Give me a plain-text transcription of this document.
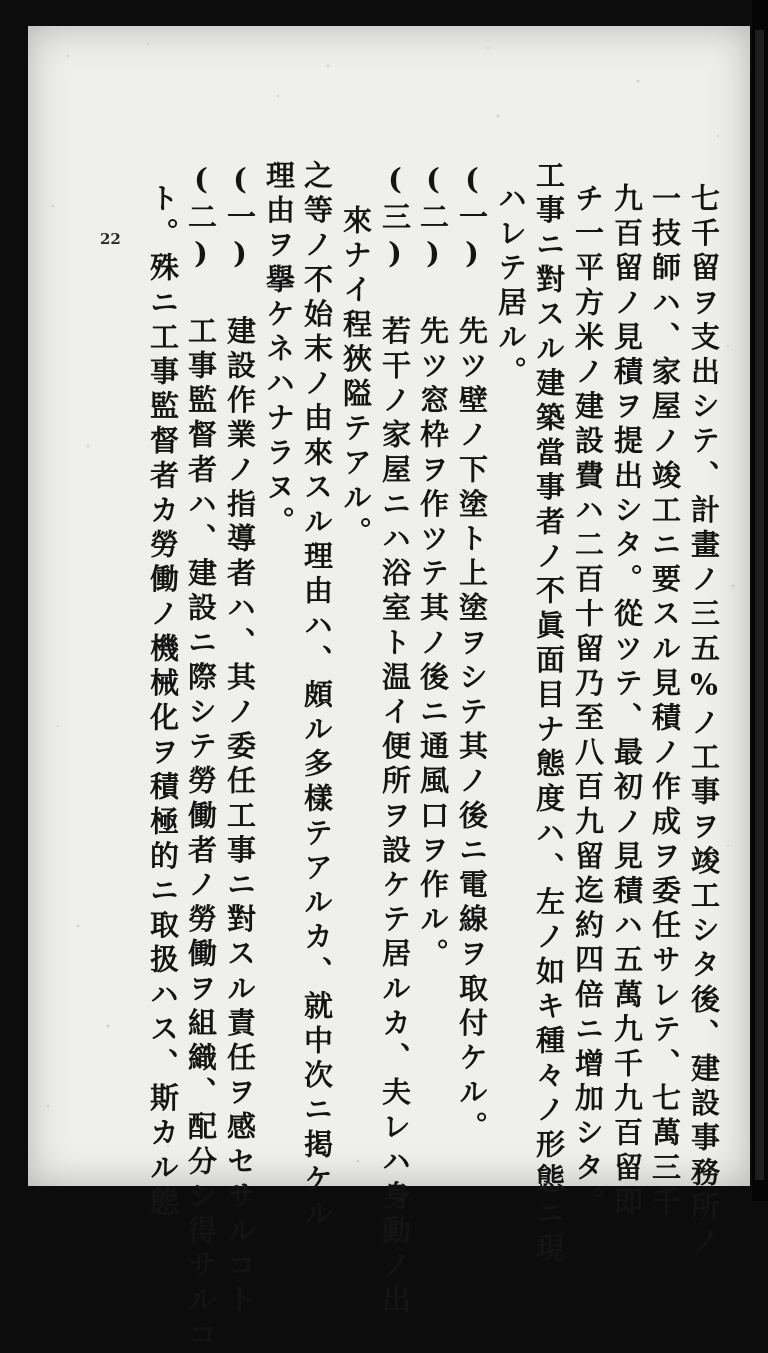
七千留ヲ支出シテ、計畫ノ三五%ノ工事ヲ竣工シタ後、建設事務所ノ
一技師ハ、家屋ノ竣工ニ要スル見積ノ作成ヲ委任サレテ、七萬三千
九百留ノ見積ヲ提出シタ。從ツテ、最初ノ見積ハ五萬九千九百留即
チ一平方米ノ建設費ハ二百十留乃至八百九留迄約四倍ニ增加シタ。
工事ニ對スル建築當事者ノ不眞面目ナ態度ハ、左ノ如キ種々ノ形態ニ現
ハレテ居ル。
(一) 先ツ壁ノ下塗ト上塗ヲシテ其ノ後ニ電線ヲ取付ケル。
(二) 先ツ窓枠ヲ作ツテ其ノ後ニ通風口ヲ作ル。
(三) 若干ノ家屋ニハ浴室ト温イ便所ヲ設ケテ居ルカ、夫レハ身動ノ出
來ナイ程狹隘テアル。
之等ノ不始末ノ由來スル理由ハ、頗ル多樣テアルカ、就中次ニ掲ケル
理由ヲ擧ケネハナラヌ。
(一) 建設作業ノ指導者ハ、其ノ委任工事ニ對スル責任ヲ感セサルコト
(二) 工事監督者ハ、建設ニ際シテ勞働者ノ勞働ヲ組織、配分シ得サルコ
ト。殊ニ工事監督者カ勞働ノ機械化ヲ積極的ニ取扱ハス、斯カル態
22
